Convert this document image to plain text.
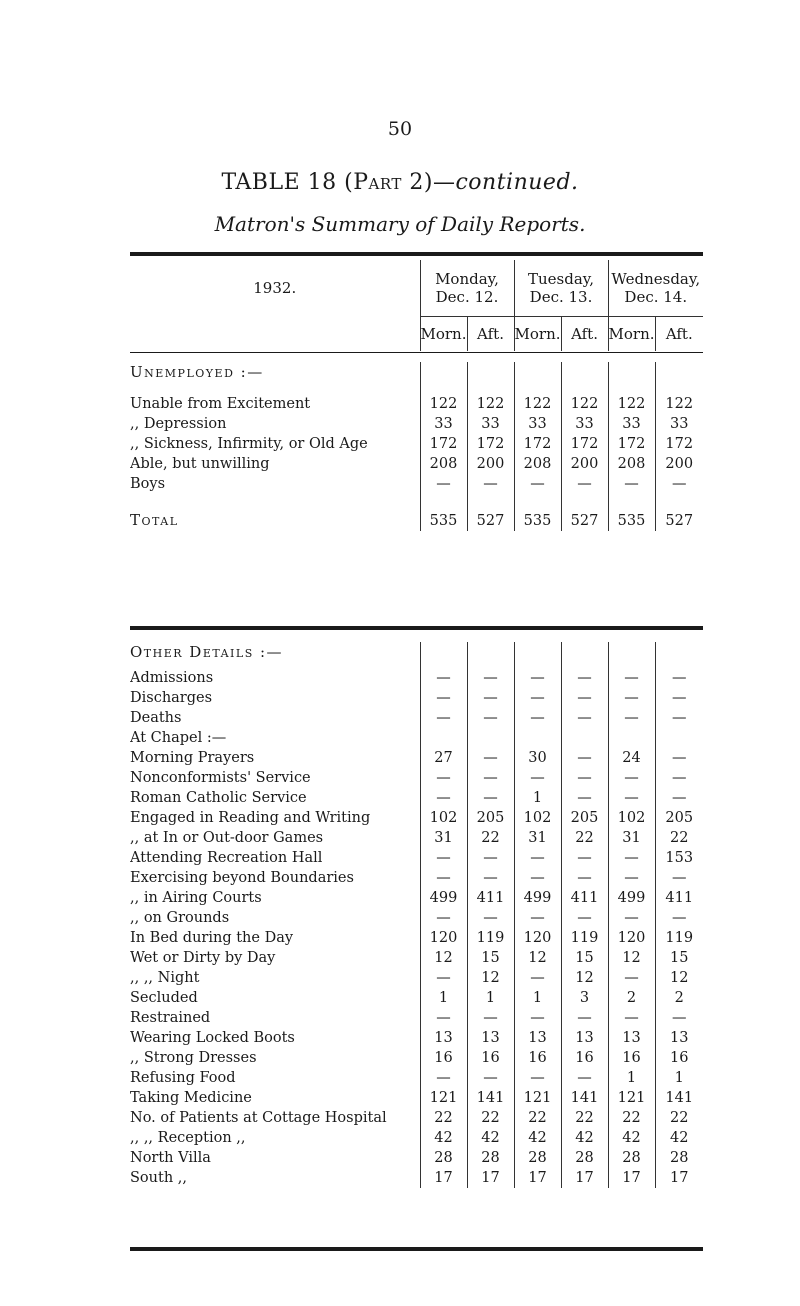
50
TABLE 18 (Part 2)—continued.
Matron's Summary of Daily Reports.
1932.	Monday,
Dec. 12.		Tuesday,
Dec. 13.		Wednesday,
Dec. 14.	
	Morn.	Aft.	Morn.	Aft.	Morn.	Aft.
Unemployed :—						

Unable from Excitement	122	122	122	122	122	122
,, Depression	33	33	33	33	33	33
,, Sickness, Infirmity, or Old Age	172	172	172	172	172	172
Able, but unwilling	208	200	208	200	208	200
Boys	—	—	—	—	—	—

Total	535	527	535	527	535	527
Other Details :—						

Admissions	—	—	—	—	—	—
Discharges	—	—	—	—	—	—
Deaths	—	—	—	—	—	—
At Chapel :—						
Morning Prayers	27	—	30	—	24	—
Nonconformists' Service	—	—	—	—	—	—
Roman Catholic Service	—	—	1	—	—	—
Engaged in Reading and Writing	102	205	102	205	102	205
,, at In or Out-door Games	31	22	31	22	31	22
Attending Recreation Hall	—	—	—	—	—	153
Exercising beyond Boundaries	—	—	—	—	—	—
,, in Airing Courts	499	411	499	411	499	411
,, on Grounds	—	—	—	—	—	—
In Bed during the Day	120	119	120	119	120	119
Wet or Dirty by Day	12	15	12	15	12	15
,, ,, Night	—	12	—	12	—	12
Secluded	1	1	1	3	2	2
Restrained	—	—	—	—	—	—
Wearing Locked Boots	13	13	13	13	13	13
,, Strong Dresses	16	16	16	16	16	16
Refusing Food	—	—	—	—	1	1
Taking Medicine	121	141	121	141	121	141
No. of Patients at Cottage Hospital	22	22	22	22	22	22
,, ,, Reception ,,	42	42	42	42	42	42
North Villa	28	28	28	28	28	28
South ,,	17	17	17	17	17	17
